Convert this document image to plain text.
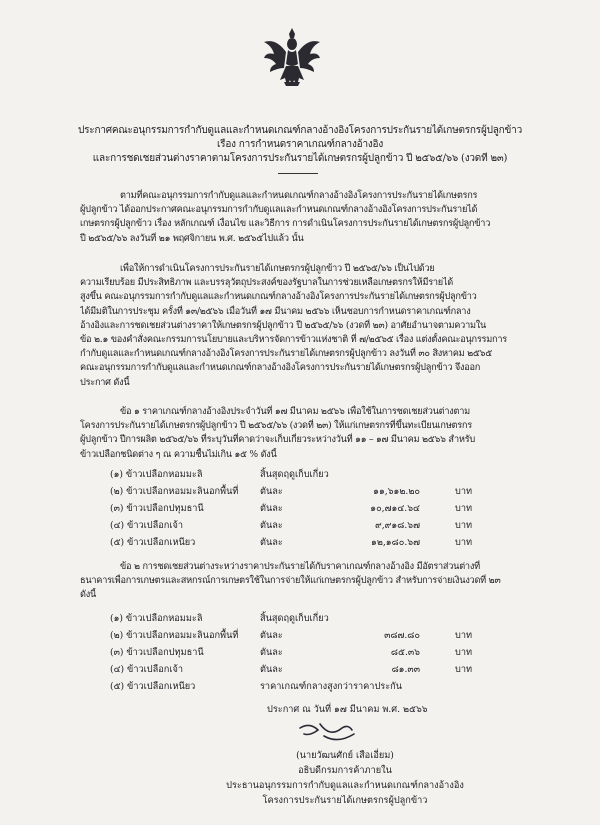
ประกาศคณะอนุกรรมการกำกับดูแลและกำหนดเกณฑ์กลางอ้างอิงโครงการประกันรายได้เกษตรกรผู้ปลูกข้าว
เรื่อง การกำหนดราคาเกณฑ์กลางอ้างอิง
และการชดเชยส่วนต่างราคาตามโครงการประกันรายได้เกษตรกรผู้ปลูกข้าว ปี ๒๕๖๕/๖๖ (งวดที่ ๒๓)
ตามที่คณะอนุกรรมการกำกับดูแลและกำหนดเกณฑ์กลางอ้างอิงโครงการประกันรายได้เกษตรกร
ผู้ปลูกข้าว ได้ออกประกาศคณะอนุกรรมการกำกับดูแลและกำหนดเกณฑ์กลางอ้างอิงโครงการประกันรายได้
เกษตรกรผู้ปลูกข้าว เรื่อง หลักเกณฑ์ เงื่อนไข และวิธีการ การดำเนินโครงการประกันรายได้เกษตรกรผู้ปลูกข้าว
ปี ๒๕๖๕/๖๖ ลงวันที่ ๒๑ พฤศจิกายน พ.ศ. ๒๕๖๕ไปแล้ว นั้น
เพื่อให้การดำเนินโครงการประกันรายได้เกษตรกรผู้ปลูกข้าว ปี ๒๕๖๕/๖๖ เป็นไปด้วย
ความเรียบร้อย มีประสิทธิภาพ และบรรลุวัตถุประสงค์ของรัฐบาลในการช่วยเหลือเกษตรกรให้มีรายได้
สูงขึ้น คณะอนุกรรมการกำกับดูแลและกำหนดเกณฑ์กลางอ้างอิงโครงการประกันรายได้เกษตรกรผู้ปลูกข้าว
ได้มีมติในการประชุม ครั้งที่ ๑๓/๒๕๖๖ เมื่อวันที่ ๑๗ มีนาคม ๒๕๖๖ เห็นชอบการกำหนดราคาเกณฑ์กลาง
อ้างอิงและการชดเชยส่วนต่างราคาให้เกษตรกรผู้ปลูกข้าว ปี ๒๕๖๕/๖๖ (งวดที่ ๒๓) อาศัยอำนาจตามความใน
ข้อ ๒.๑ ของคำสั่งคณะกรรมการนโยบายและบริหารจัดการข้าวแห่งชาติ ที่ ๗/๒๕๖๕ เรื่อง แต่งตั้งคณะอนุกรรมการ
กำกับดูแลและกำหนดเกณฑ์กลางอ้างอิงโครงการประกันรายได้เกษตรกรผู้ปลูกข้าว ลงวันที่ ๓๐ สิงหาคม ๒๕๖๕
คณะอนุกรรมการกำกับดูแลและกำหนดเกณฑ์กลางอ้างอิงโครงการประกันรายได้เกษตรกรผู้ปลูกข้าว จึงออก
ประกาศ ดังนี้
ข้อ ๑ ราคาเกณฑ์กลางอ้างอิงประจำวันที่ ๑๗ มีนาคม ๒๕๖๖ เพื่อใช้ในการชดเชยส่วนต่างตาม
โครงการประกันรายได้เกษตรกรผู้ปลูกข้าว ปี ๒๕๖๕/๖๖ (งวดที่ ๒๓) ให้แก่เกษตรกรที่ขึ้นทะเบียนเกษตรกร
ผู้ปลูกข้าว ปีการผลิต ๒๕๖๕/๖๖ ที่ระบุวันที่คาดว่าจะเก็บเกี่ยวระหว่างวันที่ ๑๑ – ๑๗ มีนาคม ๒๕๖๖ สำหรับ
ข้าวเปลือกชนิดต่าง ๆ ณ ความชื้นไม่เกิน ๑๕ % ดังนี้
(๑) ข้าวเปลือกหอมมะลิ	สิ้นสุดฤดูเก็บเกี่ยว
(๒) ข้าวเปลือกหอมมะลินอกพื้นที่ ตันละ	๑๑,๖๑๒.๒๐	บาท
(๓) ข้าวเปลือกปทุมธานี	ตันละ	๑๐,๗๑๔.๖๔	บาท
(๔) ข้าวเปลือกเจ้า	ตันละ	๙,๙๑๘.๖๗	บาท
(๕) ข้าวเปลือกเหนียว	ตันละ	๑๒,๑๘๐.๖๗	บาท
ข้อ ๒ การชดเชยส่วนต่างระหว่างราคาประกันรายได้กับราคาเกณฑ์กลางอ้างอิง มีอัตราส่วนต่างที่
ธนาคารเพื่อการเกษตรและสหกรณ์การเกษตรใช้ในการจ่ายให้แก่เกษตรกรผู้ปลูกข้าว สำหรับการจ่ายเงินงวดที่ ๒๓
ดังนี้
(๑) ข้าวเปลือกหอมมะลิ	สิ้นสุดฤดูเก็บเกี่ยว
(๒) ข้าวเปลือกหอมมะลินอกพื้นที่ ตันละ	๓๘๗.๘๐	บาท
(๓) ข้าวเปลือกปทุมธานี	ตันละ	๘๕.๓๖	บาท
(๔) ข้าวเปลือกเจ้า	ตันละ	๘๑.๓๓	บาท
(๕) ข้าวเปลือกเหนียว	ราคาเกณฑ์กลางสูงกว่าราคาประกัน
ประกาศ ณ วันที่ ๑๗ มีนาคม พ.ศ. ๒๕๖๖
(นายวัฒนศักย์ เสือเอี่ยม)
อธิบดีกรมการค้าภายใน
ประธานอนุกรรมการกำกับดูแลและกำหนดเกณฑ์กลางอ้างอิง
โครงการประกันรายได้เกษตรกรผู้ปลูกข้าว
